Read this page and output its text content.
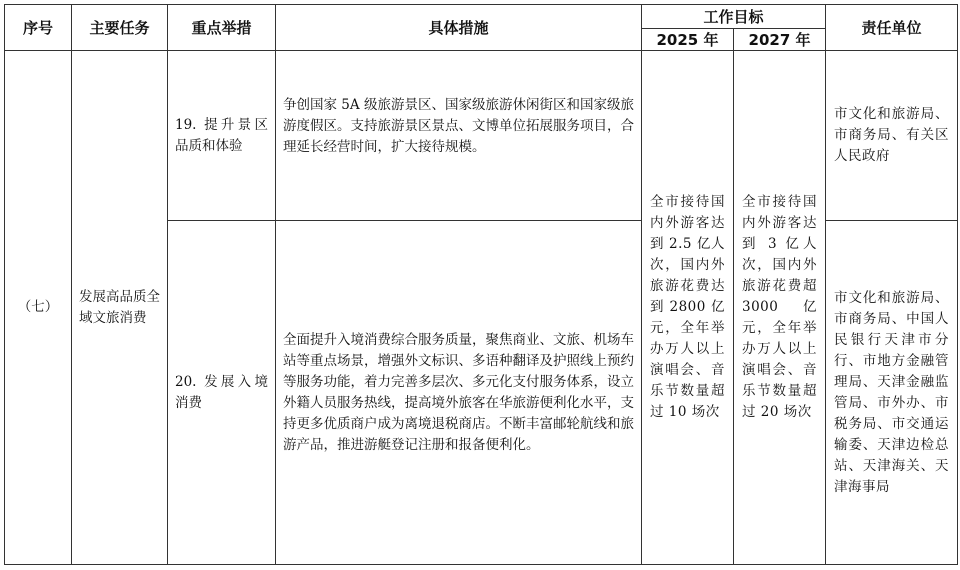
序号	主要任务	重点举措	具体措施	工作目标		责任单位
				2025 年	2027 年	
（七）	发展高品质全域文旅消费	19. 提升景区品质和体验	争创国家 5A 级旅游景区、国家级旅游休闲街区和国家级旅游度假区。支持旅游景区景点、文博单位拓展服务项目，合理延长经营时间，扩大接待规模。	全市接待国内外游客达到 2.5 亿人次，国内外旅游花费达到 2800 亿元，全年举办万人以上演唱会、音乐节数量超过 10 场次	全市接待国内外游客达到 3 亿人次，国内外旅游花费超 3000 亿元，全年举办万人以上演唱会、音乐节数量超过 20 场次	市文化和旅游局、市商务局、有关区人民政府
		20. 发展入境消费	全面提升入境消费综合服务质量，聚焦商业、文旅、机场车站等重点场景，增强外文标识、多语种翻译及护照线上预约等服务功能，着力完善多层次、多元化支付服务体系，设立外籍人员服务热线，提高境外旅客在华旅游便利化水平，支持更多优质商户成为离境退税商店。不断丰富邮轮航线和旅游产品，推进游艇登记注册和报备便利化。			市文化和旅游局、市商务局、中国人民银行天津市分行、市地方金融管理局、天津金融监管局、市外办、市税务局、市交通运输委、天津边检总站、天津海关、天津海事局
